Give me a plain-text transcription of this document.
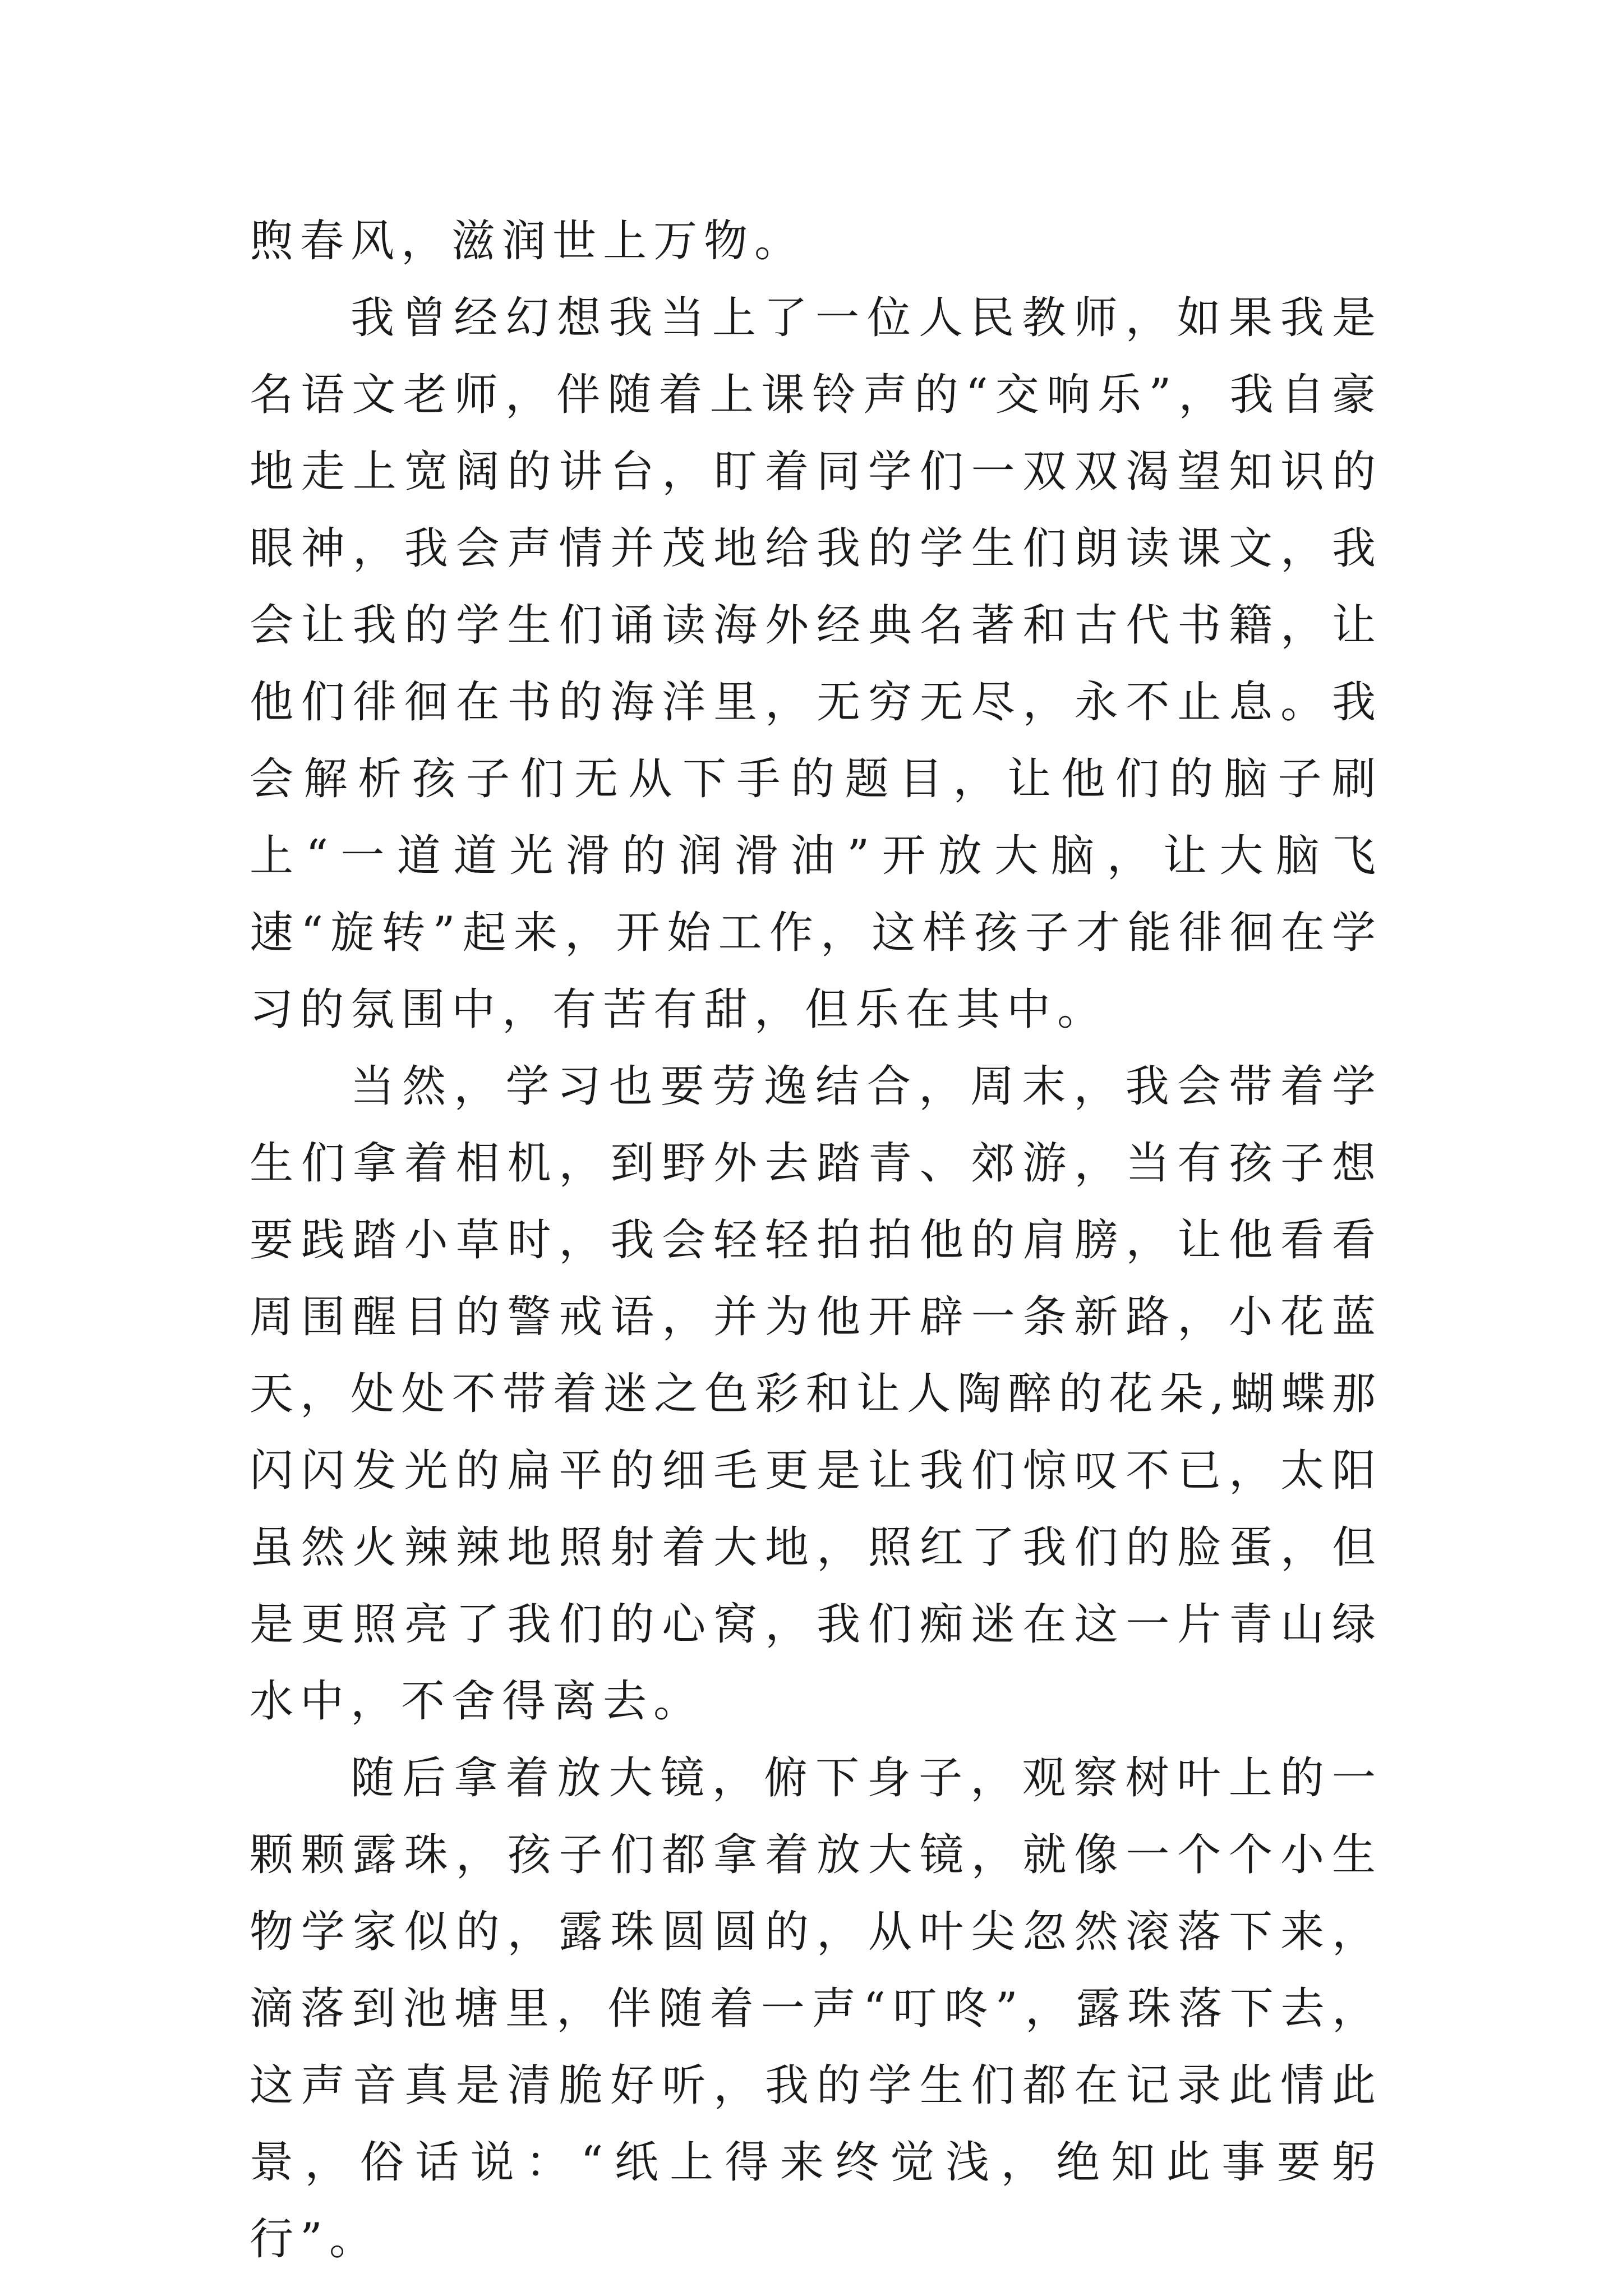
煦春风，滋润世上万物。

我曾经幻想我当上了一位人民教师，如果我是名语文老师，伴随着上课铃声的“交响乐”，我自豪地走上宽阔的讲台，盯着同学们一双双渴望知识的眼神，我会声情并茂地给我的学生们朗读课文，我会让我的学生们诵读海外经典名著和古代书籍，让他们徘徊在书的海洋里，无穷无尽，永不止息。我会解析孩子们无从下手的题目，让他们的脑子刷上“一道道光滑的润滑油”开放大脑，让大脑飞速“旋转”起来，开始工作，这样孩子才能徘徊在学习的氛围中，有苦有甜，但乐在其中。

当然，学习也要劳逸结合，周末，我会带着学生们拿着相机，到野外去踏青、郊游，当有孩子想要践踏小草时，我会轻轻拍拍他的肩膀，让他看看周围醒目的警戒语，并为他开辟一条新路，小花蓝天，处处不带着迷之色彩和让人陶醉的花朵,蝴蝶那闪闪发光的扁平的细毛更是让我们惊叹不已，太阳虽然火辣辣地照射着大地，照红了我们的脸蛋，但是更照亮了我们的心窝，我们痴迷在这一片青山绿水中，不舍得离去。

随后拿着放大镜，俯下身子，观察树叶上的一颗颗露珠，孩子们都拿着放大镜，就像一个个小生物学家似的，露珠圆圆的，从叶尖忽然滚落下来，滴落到池塘里，伴随着一声“叮咚”，露珠落下去，这声音真是清脆好听，我的学生们都在记录此情此景，俗话说：“纸上得来终觉浅，绝知此事要躬行”。
